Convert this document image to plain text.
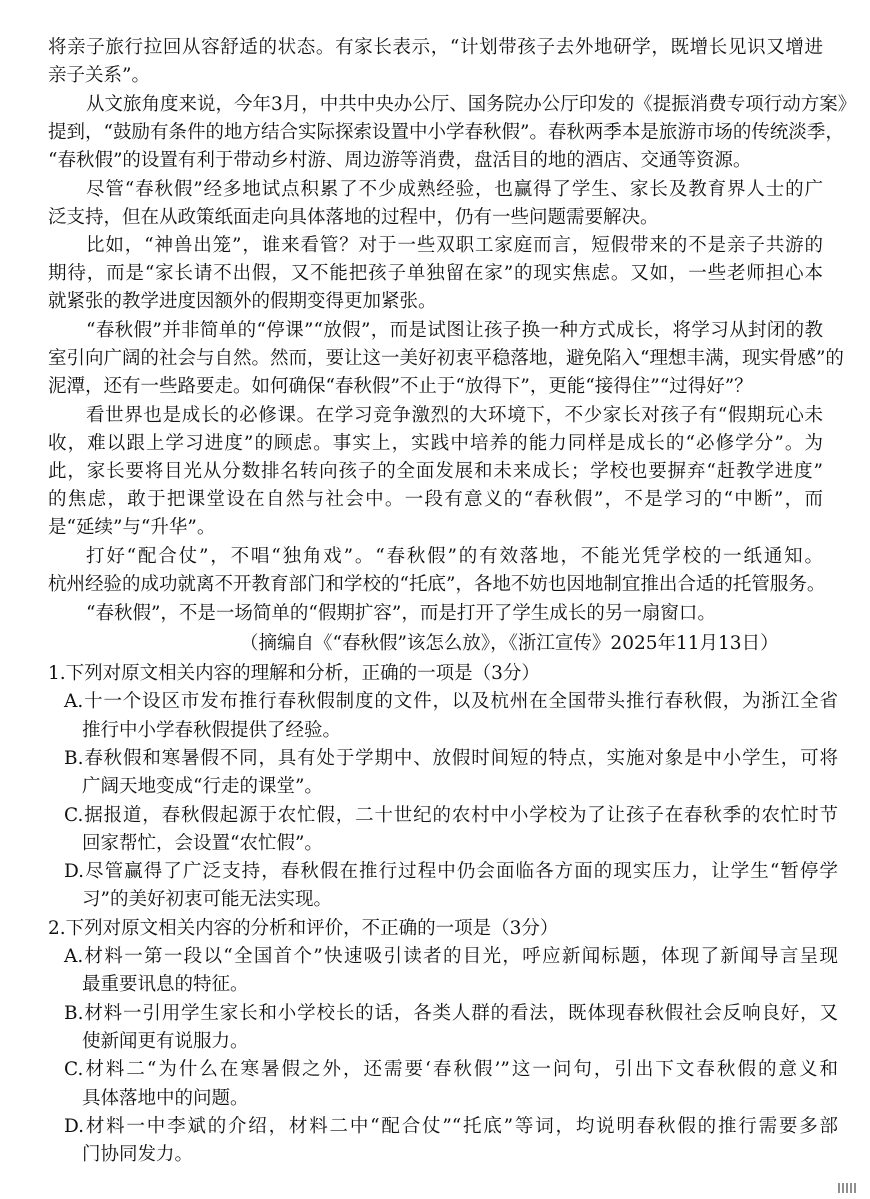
将亲子旅行拉回从容舒适的状态。有家长表示，“计划带孩子去外地研学，既增长见识又增进
亲子关系”。
从文旅角度来说，今年3月，中共中央办公厅、国务院办公厅印发的《提振消费专项行动方案》
提到，“鼓励有条件的地方结合实际探索设置中小学春秋假”。春秋两季本是旅游市场的传统淡季，
“春秋假”的设置有利于带动乡村游、周边游等消费，盘活目的地的酒店、交通等资源。
尽管“春秋假”经多地试点积累了不少成熟经验，也赢得了学生、家长及教育界人士的广
泛支持，但在从政策纸面走向具体落地的过程中，仍有一些问题需要解决。
比如，“神兽出笼”，谁来看管？对于一些双职工家庭而言，短假带来的不是亲子共游的
期待，而是“家长请不出假，又不能把孩子单独留在家”的现实焦虑。又如，一些老师担心本
就紧张的教学进度因额外的假期变得更加紧张。
“春秋假”并非简单的“停课”“放假”，而是试图让孩子换一种方式成长，将学习从封闭的教
室引向广阔的社会与自然。然而，要让这一美好初衷平稳落地，避免陷入“理想丰满，现实骨感”的
泥潭，还有一些路要走。如何确保“春秋假”不止于“放得下”，更能“接得住”“过得好”？
看世界也是成长的必修课。在学习竞争激烈的大环境下，不少家长对孩子有“假期玩心未
收，难以跟上学习进度”的顾虑。事实上，实践中培养的能力同样是成长的“必修学分”。为
此，家长要将目光从分数排名转向孩子的全面发展和未来成长；学校也要摒弃“赶教学进度”
的焦虑，敢于把课堂设在自然与社会中。一段有意义的“春秋假”，不是学习的“中断”，而
是“延续”与“升华”。
打好“配合仗”，不唱“独角戏”。“春秋假”的有效落地，不能光凭学校的一纸通知。
杭州经验的成功就离不开教育部门和学校的“托底”，各地不妨也因地制宜推出合适的托管服务。
“春秋假”，不是一场简单的“假期扩容”，而是打开了学生成长的另一扇窗口。
（摘编自《“春秋假”该怎么放》，《浙江宣传》2025年11月13日）
1.下列对原文相关内容的理解和分析，正确的一项是（3分）
A.十一个设区市发布推行春秋假制度的文件，以及杭州在全国带头推行春秋假，为浙江全省
推行中小学春秋假提供了经验。
B.春秋假和寒暑假不同，具有处于学期中、放假时间短的特点，实施对象是中小学生，可将
广阔天地变成“行走的课堂”。
C.据报道，春秋假起源于农忙假，二十世纪的农村中小学校为了让孩子在春秋季的农忙时节
回家帮忙，会设置“农忙假”。
D.尽管赢得了广泛支持，春秋假在推行过程中仍会面临各方面的现实压力，让学生“暂停学
习”的美好初衷可能无法实现。
2.下列对原文相关内容的分析和评价，不正确的一项是（3分）
A.材料一第一段以“全国首个”快速吸引读者的目光，呼应新闻标题，体现了新闻导言呈现
最重要讯息的特征。
B.材料一引用学生家长和小学校长的话，各类人群的看法，既体现春秋假社会反响良好，又
使新闻更有说服力。
C.材料二“为什么在寒暑假之外，还需要‘春秋假’”这一问句，引出下文春秋假的意义和
具体落地中的问题。
D.材料一中李斌的介绍，材料二中“配合仗”“托底”等词，均说明春秋假的推行需要多部
门协同发力。
